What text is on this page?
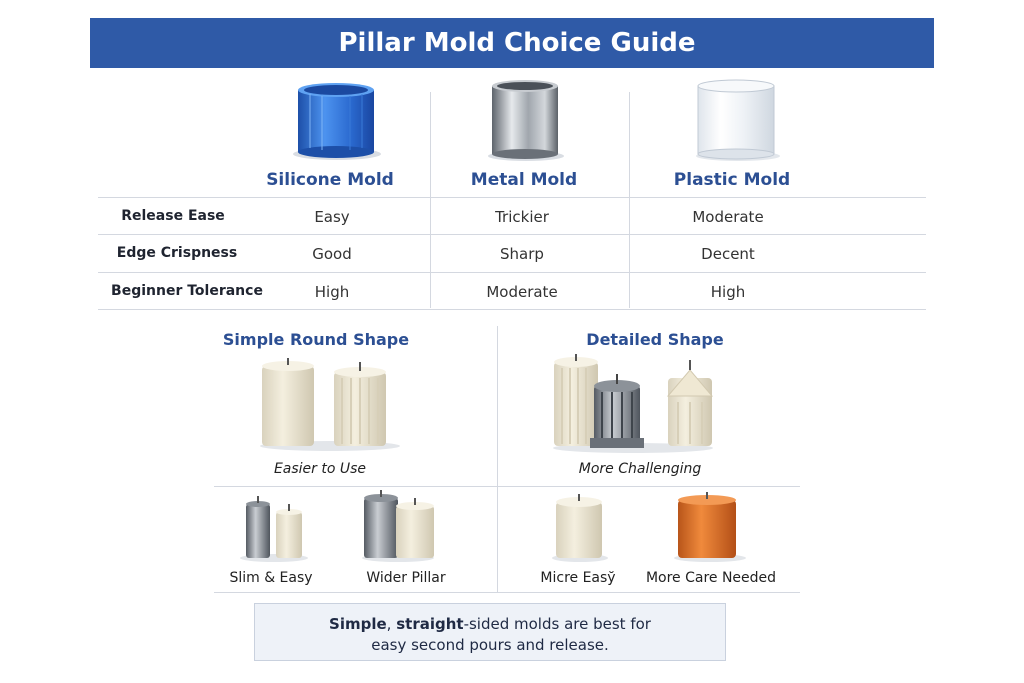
Pillar Mold Choice Guide
Silicone Mold	Metal Mold	Plastic Mold
Release Ease	Easy	Trickier	Moderate
Edge Crispness	Good	Sharp	Decent
Beginner Tolerance	High	Moderate	High
Simple Round Shape	Detailed Shape
Easier to Use	More Challenging
Slim & Easy	Wider Pillar	Micre Easy̆	More Care Needed
Simple, straight-sided molds are best for
easy second pours and release.
